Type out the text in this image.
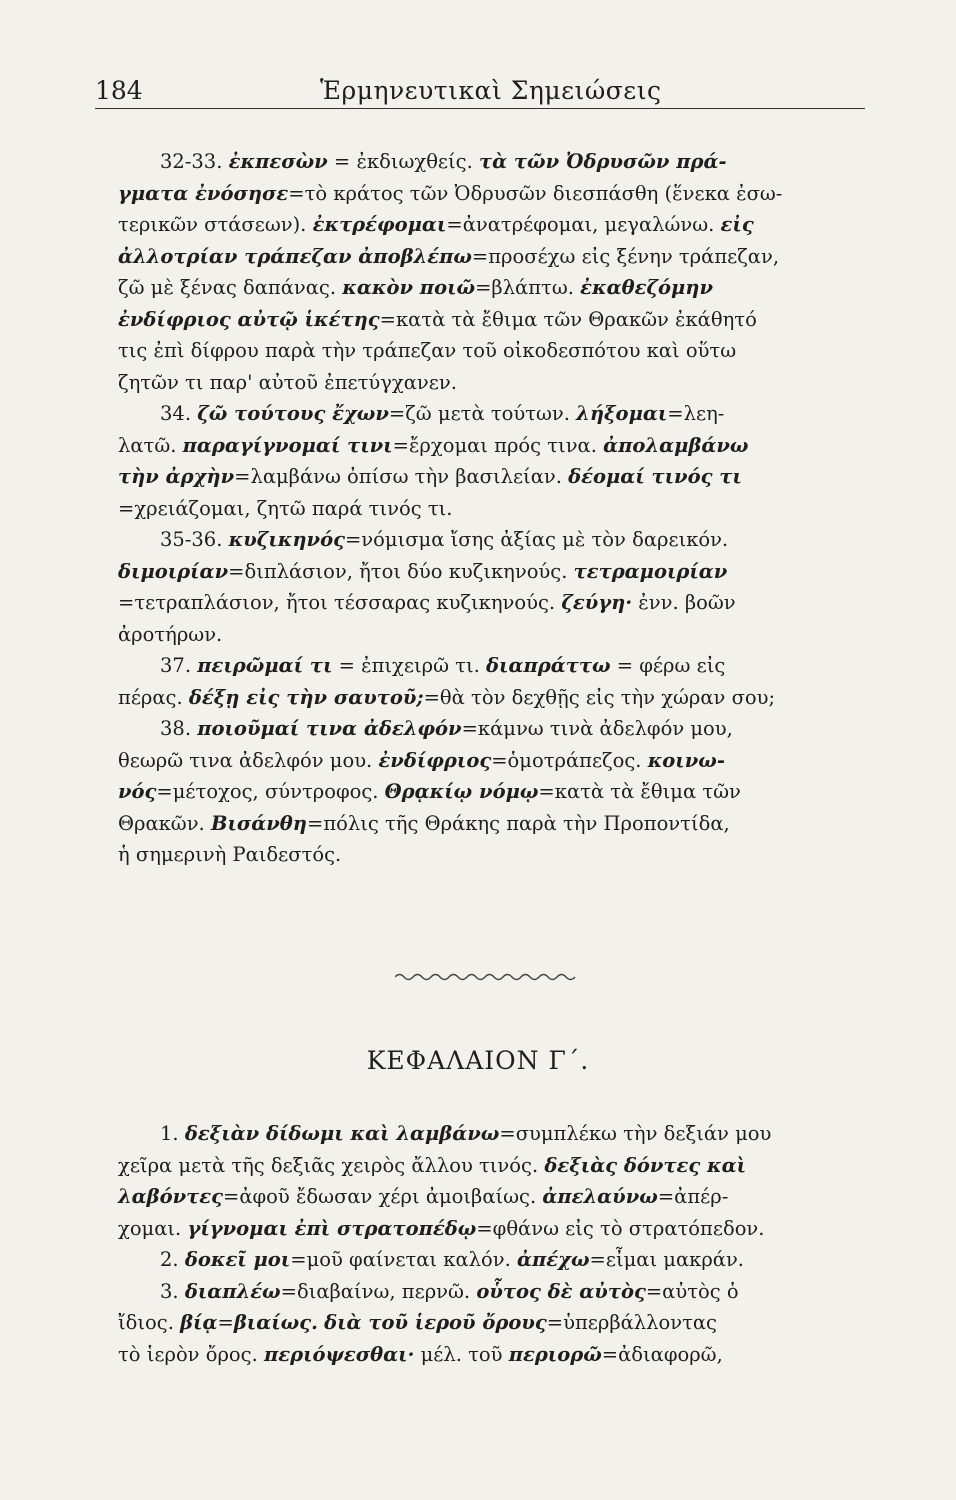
184	Ἑρμηνευτικαὶ Σημειώσεις
32-33. ἐκπεσὼν = ἐκδιωχθείς. τὰ τῶν Ὀδρυσῶν πρά-
γματα ἐνόσησε=τὸ κράτος τῶν Ὀδρυσῶν διεσπάσθη (ἕνεκα ἐσω-
τερικῶν στάσεων). ἐκτρέφομαι=ἀνατρέφομαι, μεγαλώνω. εἰς
ἀλλοτρίαν τράπεζαν ἀποβλέπω=προσέχω εἰς ξένην τράπεζαν,
ζῶ μὲ ξένας δαπάνας. κακὸν ποιῶ=βλάπτω. ἐκαθεζόμην
ἐνδίφριος αὐτῷ ἱκέτης=κατὰ τὰ ἔθιμα τῶν Θρακῶν ἐκάθητό
τις ἐπὶ δίφρου παρὰ τὴν τράπεζαν τοῦ οἰκοδεσπότου καὶ οὕτω
ζητῶν τι παρ' αὐτοῦ ἐπετύγχανεν.
34. ζῶ τούτους ἔχων=ζῶ μετὰ τούτων. λήξομαι=λεη-
λατῶ. παραγίγνομαί τινι=ἔρχομαι πρός τινα. ἀπολαμβάνω
τὴν ἀρχὴν=λαμβάνω ὀπίσω τὴν βασιλείαν. δέομαί τινός τι
=χρειάζομαι, ζητῶ παρά τινός τι.
35-36. κυζικηνός=νόμισμα ἴσης ἀξίας μὲ τὸν δαρεικόν.
διμοιρίαν=διπλάσιον, ἤτοι δύο κυζικηνούς. τετραμοιρίαν
=τετραπλάσιον, ἤτοι τέσσαρας κυζικηνούς. ζεύγη· ἐνν. βοῶν
ἀροτήρων.
37. πειρῶμαί τι = ἐπιχειρῶ τι. διαπράττω = φέρω εἰς
πέρας. δέξῃ εἰς τὴν σαυτοῦ;=θὰ τὸν δεχθῇς εἰς τὴν χώραν σου;
38. ποιοῦμαί τινα ἀδελφόν=κάμνω τινὰ ἀδελφόν μου,
θεωρῶ τινα ἀδελφόν μου. ἐνδίφριος=ὁμοτράπεζος. κοινω-
νός=μέτοχος, σύντροφος. Θρᾳκίῳ νόμῳ=κατὰ τὰ ἔθιμα τῶν
Θρακῶν. Βισάνθη=πόλις τῆς Θράκης παρὰ τὴν Προποντίδα,
ἡ σημερινὴ Ραιδεστός.
ΚΕΦΑΛΑΙΟΝ Γ΄.
1. δεξιὰν δίδωμι καὶ λαμβάνω=συμπλέκω τὴν δεξιάν μου
χεῖρα μετὰ τῆς δεξιᾶς χειρὸς ἄλλου τινός. δεξιὰς δόντες καὶ
λαβόντες=ἀφοῦ ἔδωσαν χέρι ἀμοιβαίως. ἀπελαύνω=ἀπέρ-
χομαι. γίγνομαι ἐπὶ στρατοπέδῳ=φθάνω εἰς τὸ στρατόπεδον.
2. δοκεῖ μοι=μοῦ φαίνεται καλόν. ἀπέχω=εἶμαι μακράν.
3. διαπλέω=διαβαίνω, περνῶ. οὗτος δὲ αὐτὸς=αὐτὸς ὁ
ἴδιος. βίᾳ=βιαίως. διὰ τοῦ ἱεροῦ ὄρους=ὑπερβάλλοντας
τὸ ἱερὸν ὄρος. περιόψεσθαι· μέλ. τοῦ περιορῶ=ἀδιαφορῶ,
